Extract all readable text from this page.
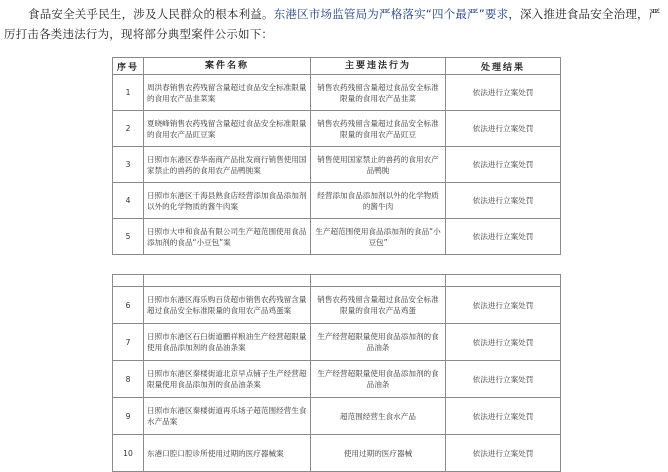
食品安全关乎民生，涉及人民群众的根本利益。东港区市场监管局为严格落实“四个最严”要求，深入推进食品安全治理，严厉打击各类违法行为，现将部分典型案件公示如下：

序号	案件名称	主要违法行为	处理结果
1	周洪春销售农药残留含量超过食品安全标准限量的食用农产品韭菜案	销售农药残留含量超过食品安全标准限量的食用农产品韭菜	依法进行立案处罚
2	夏晓峰销售农药残留含量超过食品安全标准限量的食用农产品豇豆案	销售农药残留含量超过食品安全标准限量的食用农产品豇豆	依法进行立案处罚
3	日照市东港区春华南商产品批发商行销售使用国家禁止的兽药的食用农产品鸭肫案	销售使用国家禁止的兽药的食用农产品鸭肫	依法进行立案处罚
4	日照市东港区千海县熟食店经营添加食品添加剂以外的化学物质的酱牛肉案	经营添加食品添加剂以外的化学物质的酱牛肉	依法进行立案处罚
5	日照市大申和食品有限公司生产超范围使用食品添加剂的食品“小豆包”案	生产超范围使用食品添加剂的食品“小豆包”	依法进行立案处罚

6	日照市东港区海乐购百货超市销售农药残留含量超过食品安全标准限量的食用农产品鸡蛋案	销售农药残留含量超过食品安全标准限量的食用农产品鸡蛋	依法进行立案处罚
7	日照市东港区石臼街道鹏祥粮油生产经营超限量使用食品添加剂的食品油条案	生产经营超限量使用食品添加剂的食品油条	依法进行立案处罚
8	日照市东港区秦楼街道北京早点铺子生产经营超限量使用食品添加剂的食品油条案	生产经营超限量使用食品添加剂的食品油条	依法进行立案处罚
9	日照市东港区秦楼街道再乐场子超范围经营生食水产品案	超范围经营生食水产品	依法进行立案处罚
10	东港口腔口腔诊所使用过期的医疗器械案	使用过期的医疗器械	依法进行立案处罚
